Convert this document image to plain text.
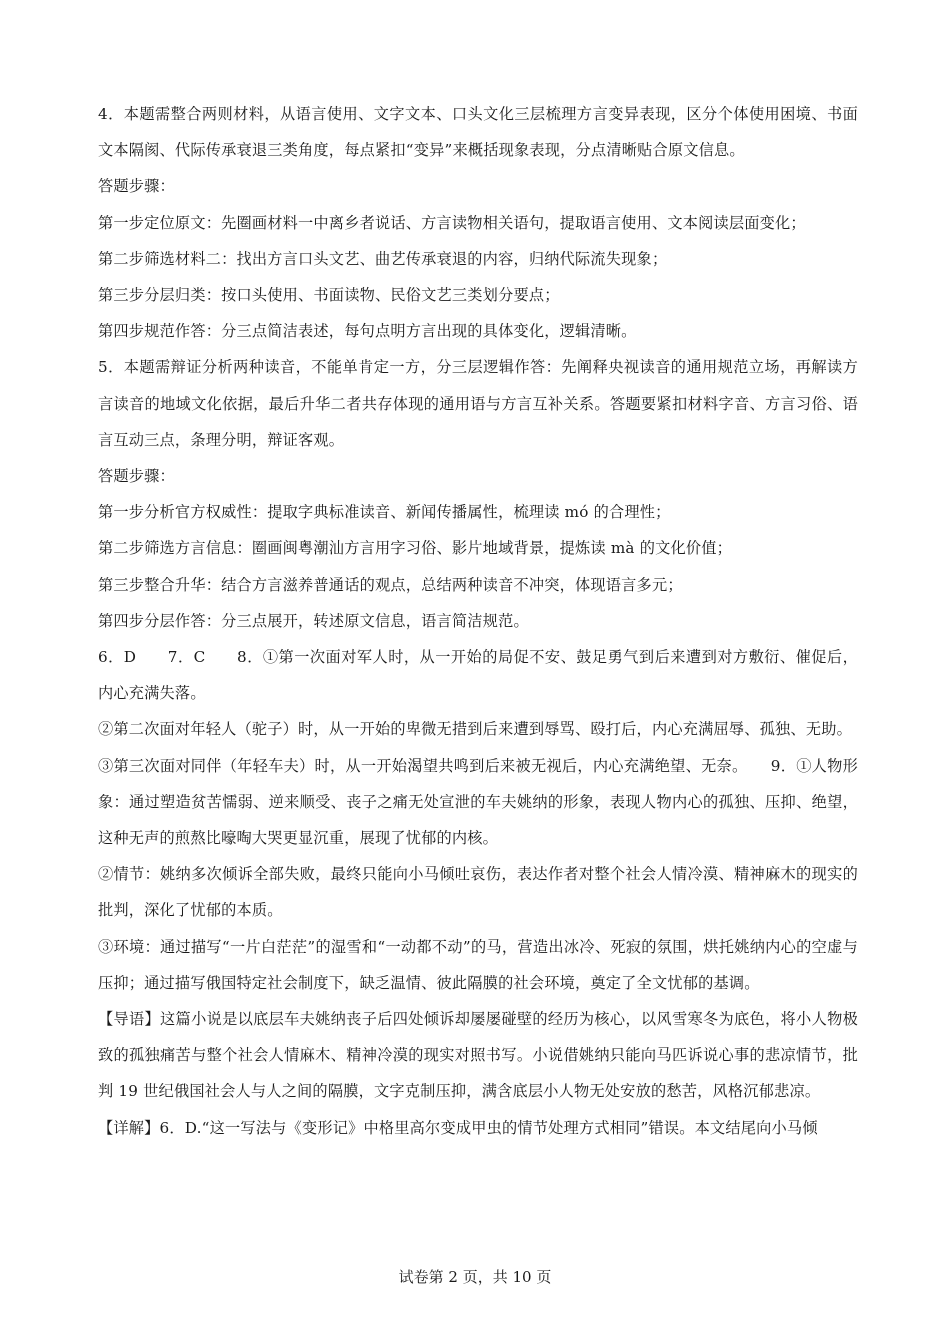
4．本题需整合两则材料，从语言使用、文字文本、口头文化三层梳理方言变异表现，区分个体使用困境、书面文本隔阂、代际传承衰退三类角度，每点紧扣“变异”来概括现象表现，分点清晰贴合原文信息。

答题步骤：

第一步定位原文：先圈画材料一中离乡者说话、方言读物相关语句，提取语言使用、文本阅读层面变化；

第二步筛选材料二：找出方言口头文艺、曲艺传承衰退的内容，归纳代际流失现象；

第三步分层归类：按口头使用、书面读物、民俗文艺三类划分要点；

第四步规范作答：分三点简洁表述，每句点明方言出现的具体变化，逻辑清晰。

5．本题需辩证分析两种读音，不能单肯定一方，分三层逻辑作答：先阐释央视读音的通用规范立场，再解读方言读音的地域文化依据，最后升华二者共存体现的通用语与方言互补关系。答题要紧扣材料字音、方言习俗、语言互动三点，条理分明，辩证客观。

答题步骤：

第一步分析官方权威性：提取字典标准读音、新闻传播属性，梳理读 mó 的合理性；

第二步筛选方言信息：圈画闽粤潮汕方言用字习俗、影片地域背景，提炼读 mà 的文化价值；

第三步整合升华：结合方言滋养普通话的观点，总结两种读音不冲突，体现语言多元；

第四步分层作答：分三点展开，转述原文信息，语言简洁规范。

6．D　　7．C　　8．①第一次面对军人时，从一开始的局促不安、鼓足勇气到后来遭到对方敷衍、催促后，内心充满失落。

②第二次面对年轻人（驼子）时，从一开始的卑微无措到后来遭到辱骂、殴打后，内心充满屈辱、孤独、无助。

③第三次面对同伴（年轻车夫）时，从一开始渴望共鸣到后来被无视后，内心充满绝望、无奈。　　9．①人物形象：通过塑造贫苦懦弱、逆来顺受、丧子之痛无处宣泄的车夫姚纳的形象，表现人物内心的孤独、压抑、绝望，这种无声的煎熬比嚎啕大哭更显沉重，展现了忧郁的内核。

②情节：姚纳多次倾诉全部失败，最终只能向小马倾吐哀伤，表达作者对整个社会人情冷漠、精神麻木的现实的批判，深化了忧郁的本质。

③环境：通过描写“一片白茫茫”的湿雪和“一动都不动”的马，营造出冰冷、死寂的氛围，烘托姚纳内心的空虚与压抑；通过描写俄国特定社会制度下，缺乏温情、彼此隔膜的社会环境，奠定了全文忧郁的基调。

【导语】这篇小说是以底层车夫姚纳丧子后四处倾诉却屡屡碰壁的经历为核心，以风雪寒冬为底色，将小人物极致的孤独痛苦与整个社会人情麻木、精神冷漠的现实对照书写。小说借姚纳只能向马匹诉说心事的悲凉情节，批判 19 世纪俄国社会人与人之间的隔膜，文字克制压抑，满含底层小人物无处安放的愁苦，风格沉郁悲凉。

【详解】6．D.“这一写法与《变形记》中格里高尔变成甲虫的情节处理方式相同”错误。本文结尾向小马倾

试卷第 2 页，共 10 页
